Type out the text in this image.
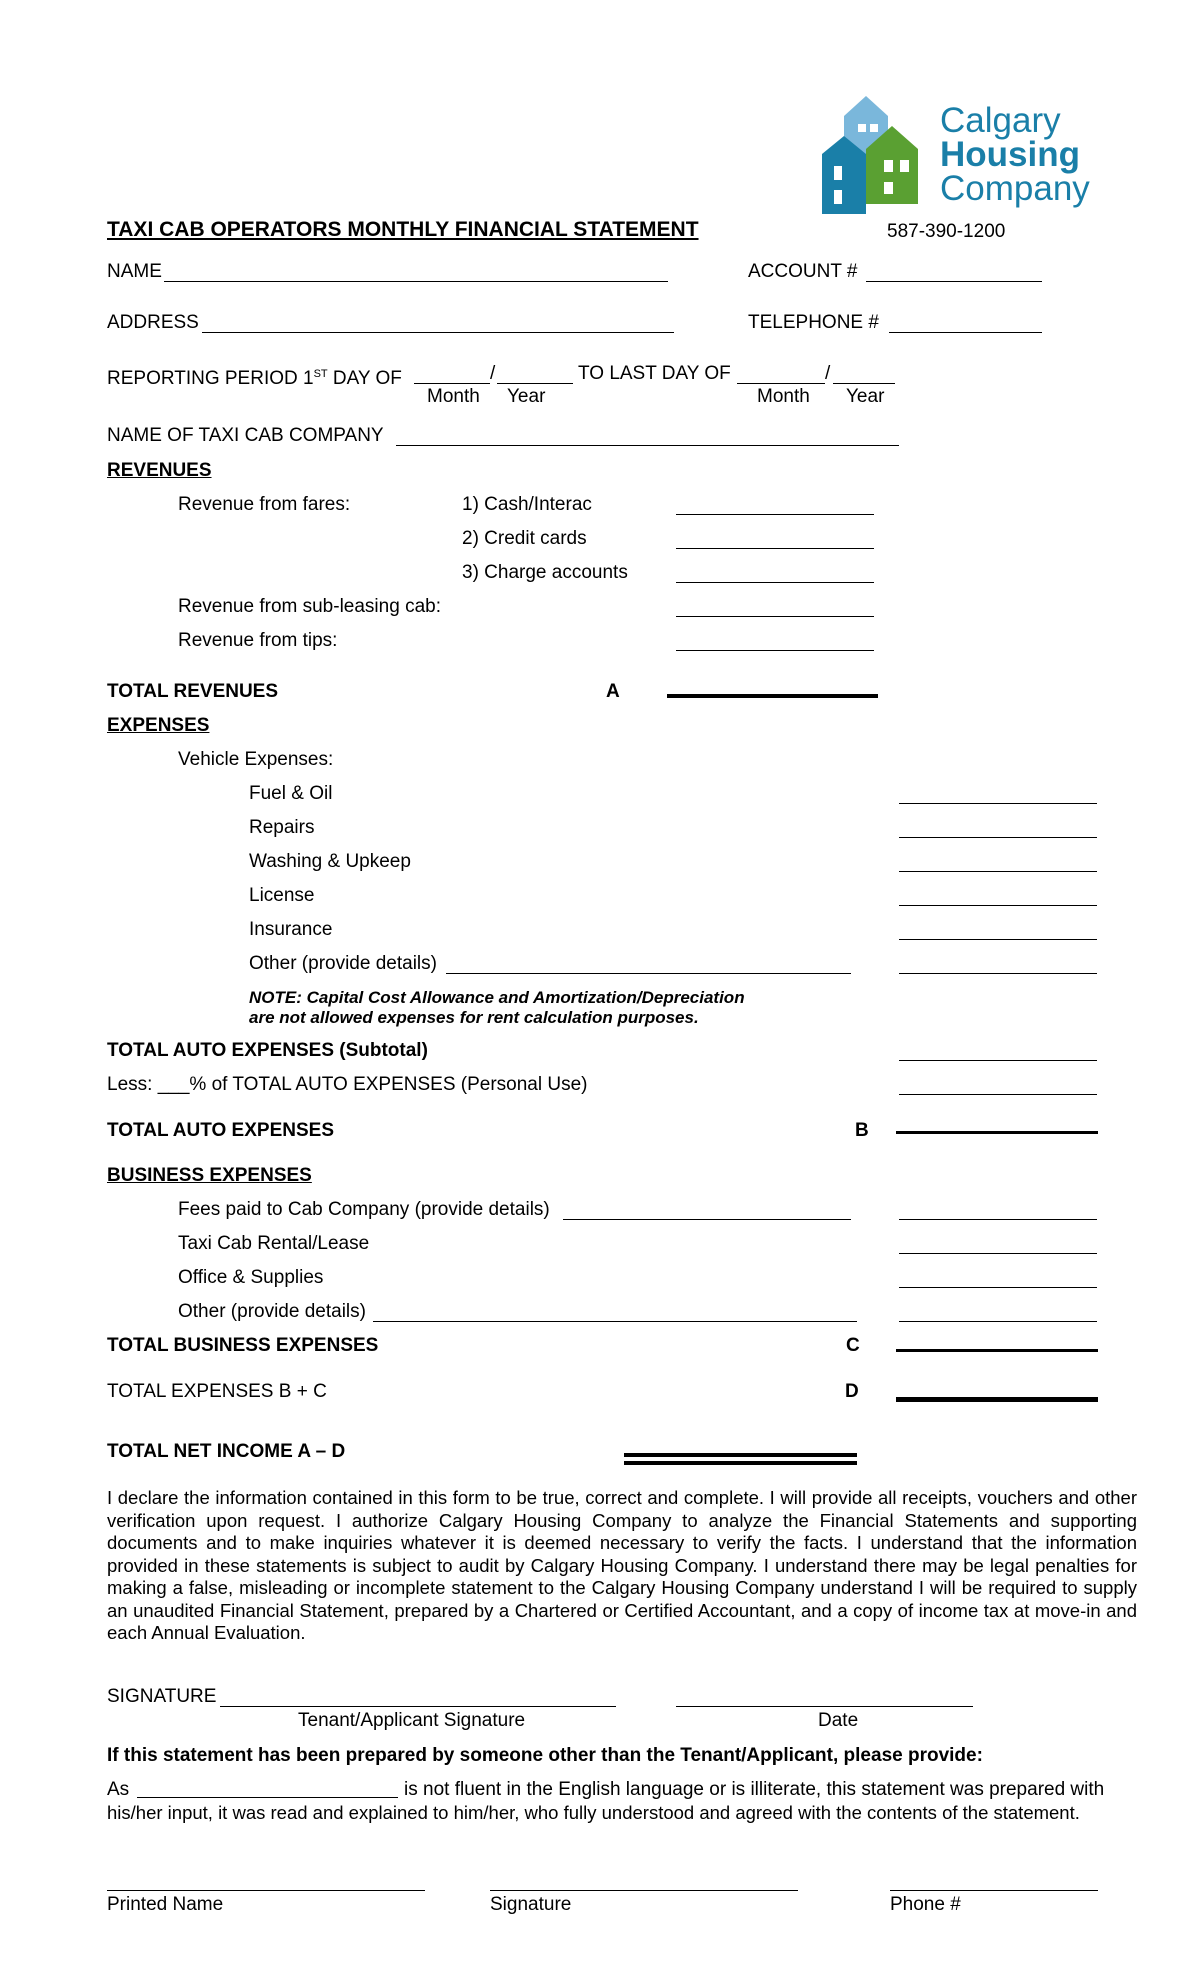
Calgary
Housing
Company
TAXI CAB OPERATORS MONTHLY FINANCIAL STATEMENT	587-390-1200
NAME	ACCOUNT #
ADDRESS	TELEPHONE #
REPORTING PERIOD 1ST DAY OF	/	TO LAST DAY OF	/
Month Year	Month Year
NAME OF TAXI CAB COMPANY
REVENUES
Revenue from fares:	1) Cash/Interac
2) Credit cards
3) Charge accounts
Revenue from sub-leasing cab:
Revenue from tips:
TOTAL REVENUES	A
EXPENSES
Vehicle Expenses:
Fuel & Oil
Repairs
Washing & Upkeep
License
Insurance
Other (provide details)
NOTE: Capital Cost Allowance and Amortization/Depreciation
are not allowed expenses for rent calculation purposes.
TOTAL AUTO EXPENSES (Subtotal)
Less: ___% of TOTAL AUTO EXPENSES (Personal Use)
TOTAL AUTO EXPENSES	B
BUSINESS EXPENSES
Fees paid to Cab Company (provide details)
Taxi Cab Rental/Lease
Office & Supplies
Other (provide details)
TOTAL BUSINESS EXPENSES	C
TOTAL EXPENSES B + C	D
TOTAL NET INCOME A – D
I declare the information contained in this form to be true, correct and complete. I will provide all receipts, vouchers and other verification upon request. I authorize Calgary Housing Company to analyze the Financial Statements and supporting documents and to make inquiries whatever it is deemed necessary to verify the facts. I understand that the information provided in these statements is subject to audit by Calgary Housing Company. I understand there may be legal penalties for making a false, misleading or incomplete statement to the Calgary Housing Company understand I will be required to supply an unaudited Financial Statement, prepared by a Chartered or Certified Accountant, and a copy of income tax at move-in and each Annual Evaluation.
SIGNATURE
Tenant/Applicant Signature	Date
If this statement has been prepared by someone other than the Tenant/Applicant, please provide:
As	is not fluent in the English language or is illiterate, this statement was prepared with
his/her input, it was read and explained to him/her, who fully understood and agreed with the contents of the statement.
Printed Name	Signature	Phone #
